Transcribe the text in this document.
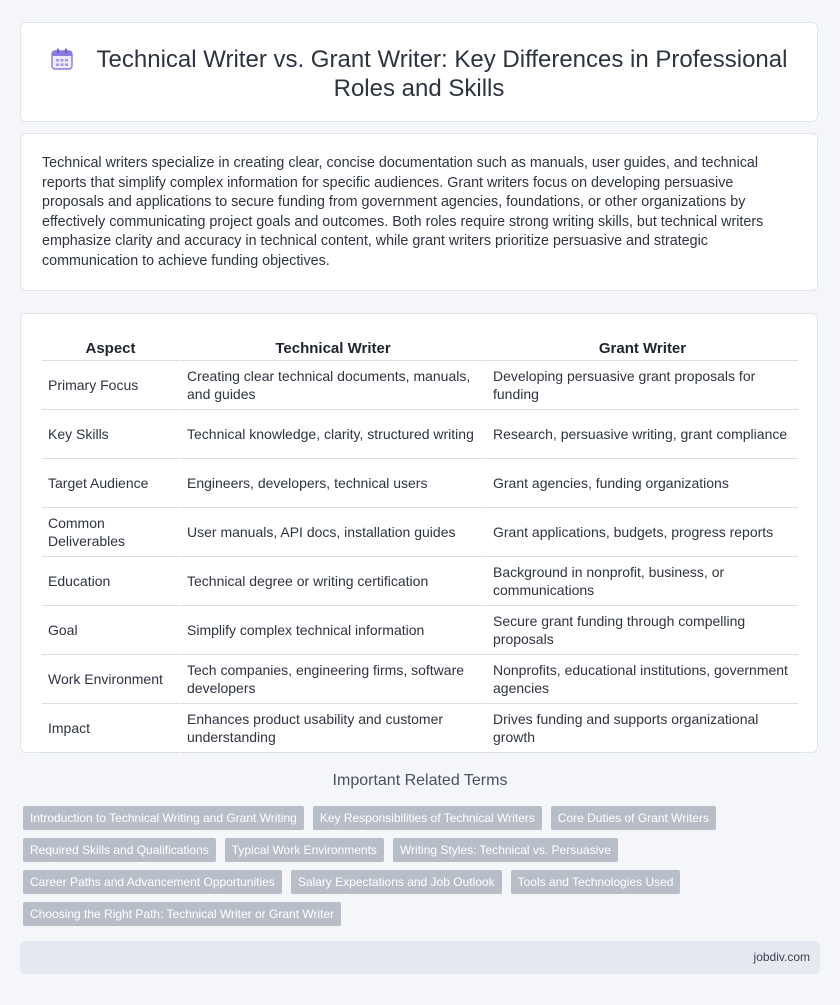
Technical Writer vs. Grant Writer: Key Differences in Professional Roles and Skills

Technical writers specialize in creating clear, concise documentation such as manuals, user guides, and technical reports that simplify complex information for specific audiences. Grant writers focus on developing persuasive proposals and applications to secure funding from government agencies, foundations, or other organizations by effectively communicating project goals and outcomes. Both roles require strong writing skills, but technical writers emphasize clarity and accuracy in technical content, while grant writers prioritize persuasive and strategic communication to achieve funding objectives.

Aspect	Technical Writer	Grant Writer
Primary Focus	Creating clear technical documents, manuals, and guides	Developing persuasive grant proposals for funding
Key Skills	Technical knowledge, clarity, structured writing	Research, persuasive writing, grant compliance
Target Audience	Engineers, developers, technical users	Grant agencies, funding organizations
Common Deliverables	User manuals, API docs, installation guides	Grant applications, budgets, progress reports
Education	Technical degree or writing certification	Background in nonprofit, business, or communications
Goal	Simplify complex technical information	Secure grant funding through compelling proposals
Work Environment	Tech companies, engineering firms, software developers	Nonprofits, educational institutions, government agencies
Impact	Enhances product usability and customer understanding	Drives funding and supports organizational growth
Important Related Terms
Introduction to Technical Writing and Grant Writing Key Responsibilities of Technical Writers Core Duties of Grant Writers
Required Skills and Qualifications Typical Work Environments Writing Styles: Technical vs. Persuasive
Career Paths and Advancement Opportunities Salary Expectations and Job Outlook Tools and Technologies Used
Choosing the Right Path: Technical Writer or Grant Writer
jobdiv.com
